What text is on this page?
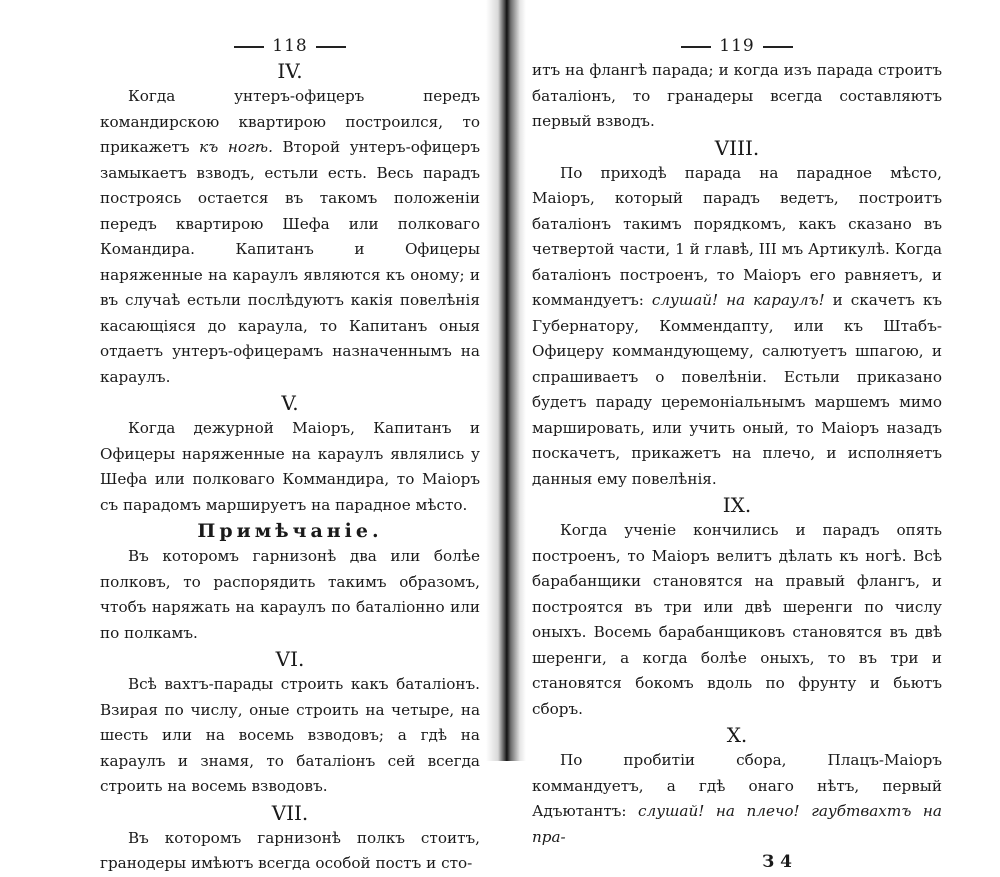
118
IV.

Когда унтеръ-офицеръ передъ командирскою квартирою построился, то прикажетъ къ ногѣ. Второй унтеръ-офицеръ замыкаетъ взводъ, естьли есть. Весь парадъ построясь остается въ такомъ положеніи передъ квартирою Шефа или полковаго Командира. Капитанъ и Офицеры наряженные на караулъ являются къ оному; и въ случаѣ естьли послѣдуютъ какія повелѣнія касающіяся до караула, то Капитанъ оныя отдаетъ унтеръ-офицерамъ назначеннымъ на караулъ.

V.

Когда дежурной Маіоръ, Капитанъ и Офицеры наряженные на караулъ являлись у Шефа или полковаго Коммандира, то Маіоръ съ парадомъ маршируетъ на парадное мѣсто.

Примѣчаніе.

Въ которомъ гарнизонѣ два или болѣе полковъ, то распорядить такимъ образомъ, чтобъ наряжать на караулъ по баталіонно или по полкамъ.

VI.

Всѣ вахтъ-парады строить какъ баталіонъ. Взирая по числу, оные строить на четыре, на шесть или на восемь взводовъ; а гдѣ на караулъ и знамя, то баталіонъ сей всегда строить на восемь взводовъ.

VII.

Въ которомъ гарнизонѣ полкъ стоитъ, гранодеры имѣютъ всегда особой постъ и сто-

119

итъ на флангѣ парада; и когда изъ парада строитъ баталіонъ, то гранадеры всегда составляютъ первый взводъ.

VIII.

По приходѣ парада на парадное мѣсто, Маіоръ, который парадъ ведетъ, построитъ баталіонъ такимъ порядкомъ, какъ сказано въ четвертой части, 1 й главѣ, III мъ Артикулѣ. Когда баталіонъ построенъ, то Маіоръ его равняетъ, и коммандуетъ: слушай! на караулъ! и скачетъ къ Губернатору, Коммендапту, или къ Штабъ-Офицеру коммандующему, салютуетъ шпагою, и спрашиваетъ о повелѣніи. Естьли приказано будетъ параду церемоніальнымъ маршемъ мимо маршировать, или учить оный, то Маіоръ назадъ поскачетъ, прикажетъ на плечо, и исполняетъ данныя ему повелѣнія.

IX.

Когда ученіе кончились и парадъ опять построенъ, то Маіоръ велитъ дѣлать къ ногѣ. Всѣ барабанщики становятся на правый флангъ, и построятся въ три или двѣ шеренги по числу оныхъ. Восемь барабанщиковъ становятся въ двѣ шеренги, а когда болѣе оныхъ, то въ три и становятся бокомъ вдоль по фрунту и бьютъ сборъ.

X.

По пробитіи сбора, Плацъ-Маіоръ коммандуетъ, а гдѣ онаго нѣтъ, первый Адъютантъ: слушай! на плечо! гаубтвахтъ на пра-

З 4
